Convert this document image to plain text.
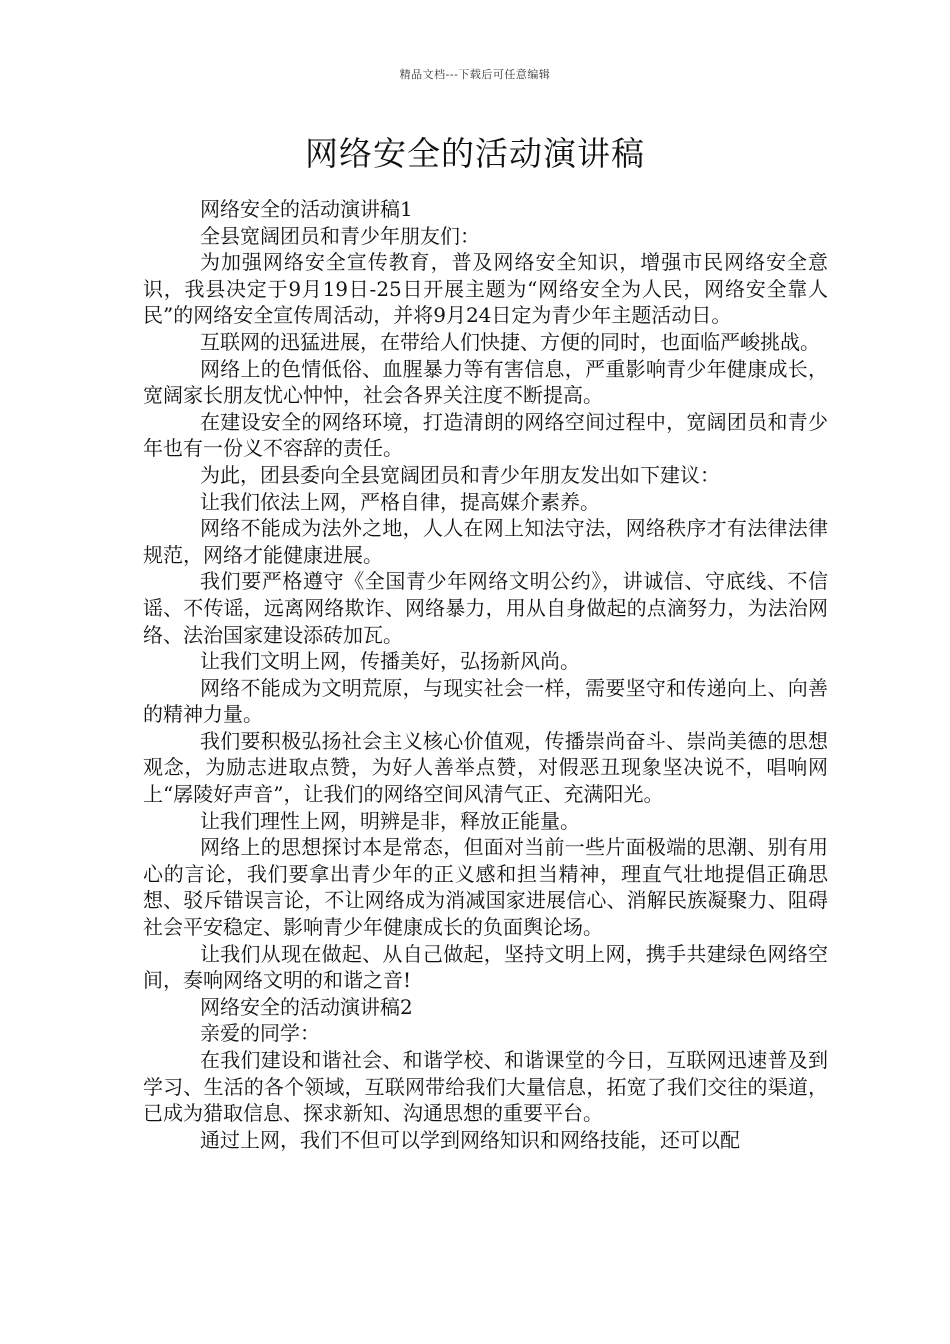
精品文档---下载后可任意编辑
网络安全的活动演讲稿

网络安全的活动演讲稿1

全县宽阔团员和青少年朋友们：

为加强网络安全宣传教育，普及网络安全知识，增强市民网络安全意识，我县决定于9月19日-25日开展主题为“网络安全为人民，网络安全靠人民”的网络安全宣传周活动，并将9月24日定为青少年主题活动日。

互联网的迅猛进展，在带给人们快捷、方便的同时，也面临严峻挑战。

网络上的色情低俗、血腥暴力等有害信息，严重影响青少年健康成长，宽阔家长朋友忧心忡忡，社会各界关注度不断提高。

在建设安全的网络环境，打造清朗的网络空间过程中，宽阔团员和青少年也有一份义不容辞的责任。

为此，团县委向全县宽阔团员和青少年朋友发出如下建议：

让我们依法上网，严格自律，提高媒介素养。

网络不能成为法外之地，人人在网上知法守法，网络秩序才有法律法律规范，网络才能健康进展。

我们要严格遵守《全国青少年网络文明公约》，讲诚信、守底线、不信谣、不传谣，远离网络欺诈、网络暴力，用从自身做起的点滴努力，为法治网络、法治国家建设添砖加瓦。

让我们文明上网，传播美好，弘扬新风尚。

网络不能成为文明荒原，与现实社会一样，需要坚守和传递向上、向善的精神力量。

我们要积极弘扬社会主义核心价值观，传播崇尚奋斗、崇尚美德的思想观念，为励志进取点赞，为好人善举点赞，对假恶丑现象坚决说不，唱响网上“孱陵好声音”，让我们的网络空间风清气正、充满阳光。

让我们理性上网，明辨是非，释放正能量。

网络上的思想探讨本是常态，但面对当前一些片面极端的思潮、别有用心的言论，我们要拿出青少年的正义感和担当精神，理直气壮地提倡正确思想、驳斥错误言论，不让网络成为消减国家进展信心、消解民族凝聚力、阻碍社会平安稳定、影响青少年健康成长的负面舆论场。

让我们从现在做起、从自己做起，坚持文明上网，携手共建绿色网络空间，奏响网络文明的和谐之音!

网络安全的活动演讲稿2

亲爱的同学：

在我们建设和谐社会、和谐学校、和谐课堂的今日，互联网迅速普及到学习、生活的各个领域，互联网带给我们大量信息，拓宽了我们交往的渠道，已成为猎取信息、探求新知、沟通思想的重要平台。

通过上网，我们不但可以学到网络知识和网络技能，还可以配
